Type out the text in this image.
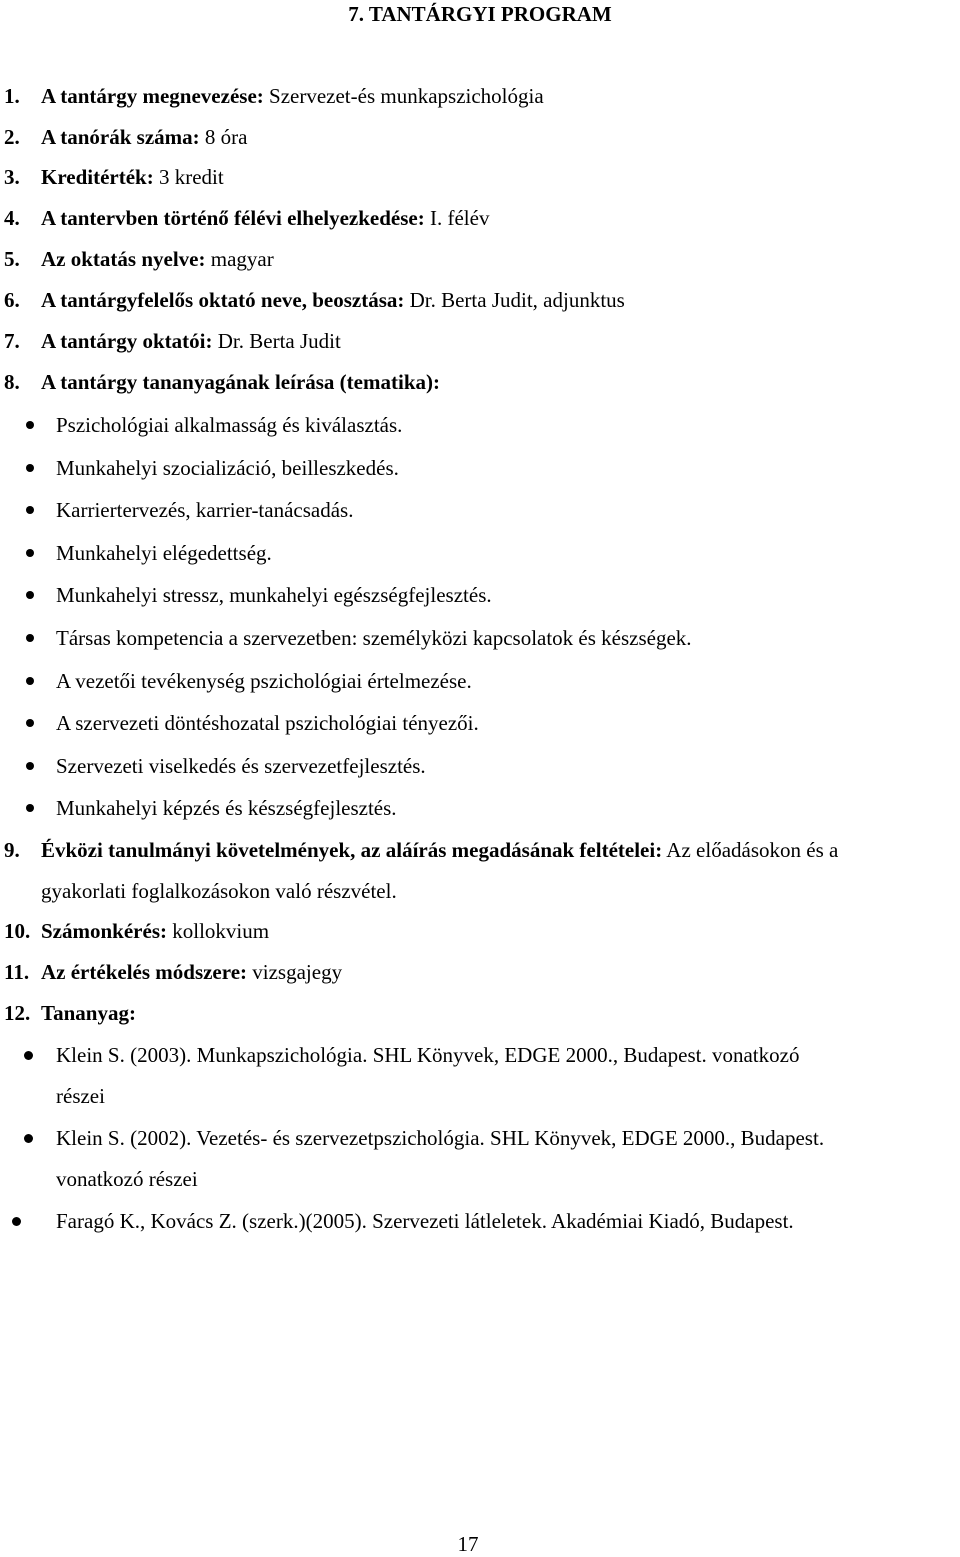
7. TANTÁRGYI PROGRAM
1. A tantárgy megnevezése: Szervezet-és munkapszichológia
2. A tanórák száma: 8 óra
3. Kreditérték: 3 kredit
4. A tantervben történő félévi elhelyezkedése: I. félév
5. Az oktatás nyelve: magyar
6. A tantárgyfelelős oktató neve, beosztása: Dr. Berta Judit, adjunktus
7. A tantárgy oktatói: Dr. Berta Judit
8. A tantárgy tananyagának leírása (tematika):
Pszichológiai alkalmasság és kiválasztás.
Munkahelyi szocializáció, beilleszkedés.
Karriertervezés, karrier-tanácsadás.
Munkahelyi elégedettség.
Munkahelyi stressz, munkahelyi egészségfejlesztés.
Társas kompetencia a szervezetben: személyközi kapcsolatok és készségek.
A vezetői tevékenység pszichológiai értelmezése.
A szervezeti döntéshozatal pszichológiai tényezői.
Szervezeti viselkedés és szervezetfejlesztés.
Munkahelyi képzés és készségfejlesztés.
9. Évközi tanulmányi követelmények, az aláírás megadásának feltételei: Az előadásokon és a
gyakorlati foglalkozásokon való részvétel.
10. Számonkérés: kollokvium
11. Az értékelés módszere: vizsgajegy
12. Tananyag:
Klein S. (2003). Munkapszichológia. SHL Könyvek, EDGE 2000., Budapest. vonatkozó
részei
Klein S. (2002). Vezetés- és szervezetpszichológia. SHL Könyvek, EDGE 2000., Budapest.
vonatkozó részei
Faragó K., Kovács Z. (szerk.)(2005). Szervezeti látleletek. Akadémiai Kiadó, Budapest.
17
